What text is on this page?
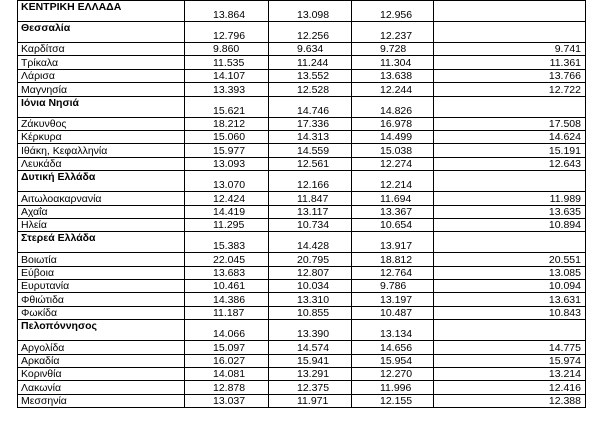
ΚΕΝΤΡΙΚΗ ΕΛΛΑΔΑ	13.864	13.098	12.956	
Θεσσαλία	12.796	12.256	12.237	
Καρδίτσα	9.860	9.634	9.728	9.741
Τρίκαλα	11.535	11.244	11.304	11.361
Λάρισα	14.107	13.552	13.638	13.766
Μαγνησία	13.393	12.528	12.244	12.722
Ιόνια Νησιά	15.621	14.746	14.826	
Ζάκυνθος	18.212	17.336	16.978	17.508
Κέρκυρα	15.060	14.313	14.499	14.624
Ιθάκη, Κεφαλληνία	15.977	14.559	15.038	15.191
Λευκάδα	13.093	12.561	12.274	12.643
Δυτική Ελλάδα	13.070	12.166	12.214	
Αιτωλοακαρνανία	12.424	11.847	11.694	11.989
Αχαΐα	14.419	13.117	13.367	13.635
Ηλεία	11.295	10.734	10.654	10.894
Στερεά Ελλάδα	15.383	14.428	13.917	
Βοιωτία	22.045	20.795	18.812	20.551
Εύβοια	13.683	12.807	12.764	13.085
Ευρυτανία	10.461	10.034	9.786	10.094
Φθιώτιδα	14.386	13.310	13.197	13.631
Φωκίδα	11.187	10.855	10.487	10.843
Πελοπόννησος	14.066	13.390	13.134	
Αργολίδα	15.097	14.574	14.656	14.775
Αρκαδία	16.027	15.941	15.954	15.974
Κορινθία	14.081	13.291	12.270	13.214
Λακωνία	12.878	12.375	11.996	12.416
Μεσσηνία	13.037	11.971	12.155	12.388
